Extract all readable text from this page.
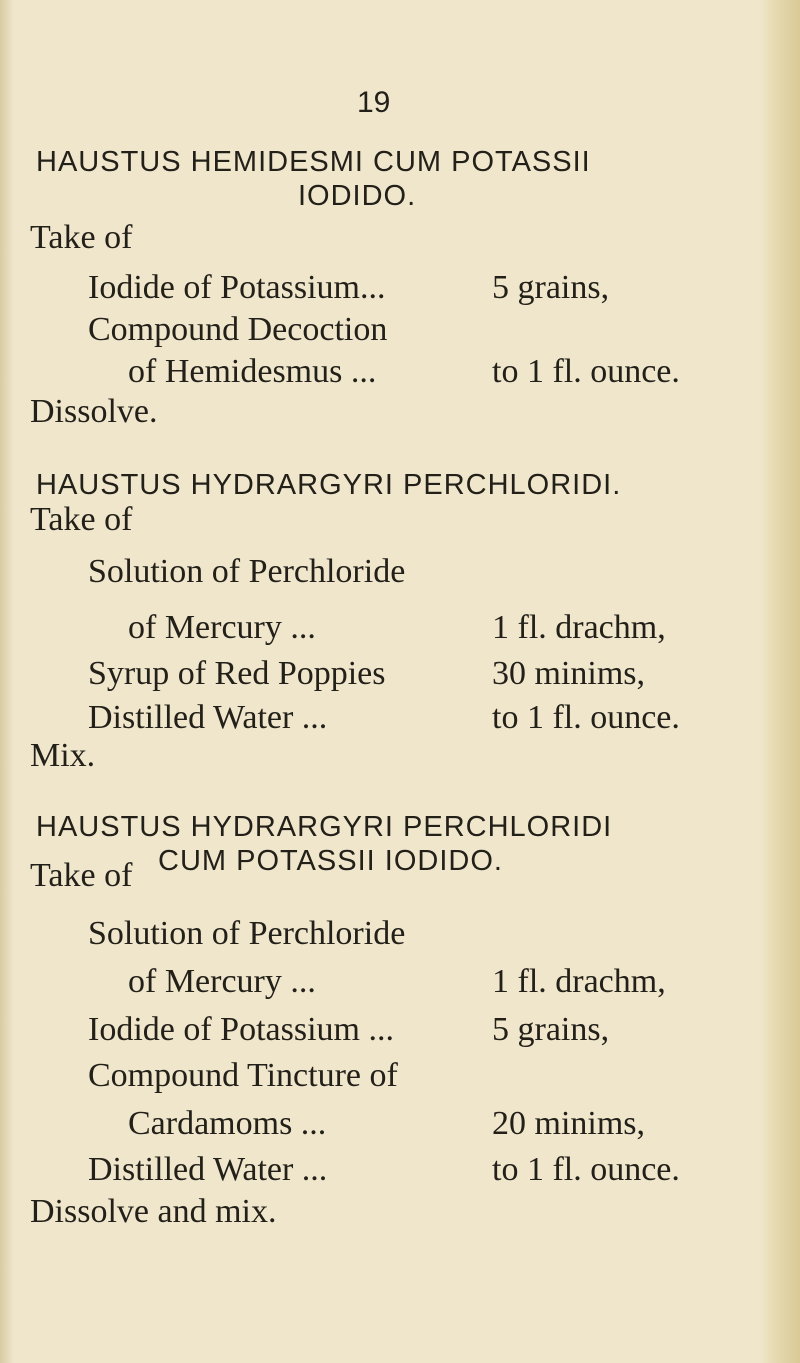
19
HAUSTUS HEMIDESMI CUM POTASSII
IODIDO.
Take of
Iodide of Potassium...	5 grains,
Compound Decoction
of Hemidesmus ...	to 1 fl. ounce.
Dissolve.
HAUSTUS HYDRARGYRI PERCHLORIDI.
Take of
Solution of Perchloride
of Mercury ...	1 fl. drachm,
Syrup of Red Poppies	30 minims,
Distilled Water ...	to 1 fl. ounce.
Mix.
HAUSTUS HYDRARGYRI PERCHLORIDI
CUM POTASSII IODIDO.
Take of
Solution of Perchloride
of Mercury ...	1 fl. drachm,
Iodide of Potassium ...	5 grains,
Compound Tincture of
Cardamoms ...	20 minims,
Distilled Water ...	to 1 fl. ounce.
Dissolve and mix.
